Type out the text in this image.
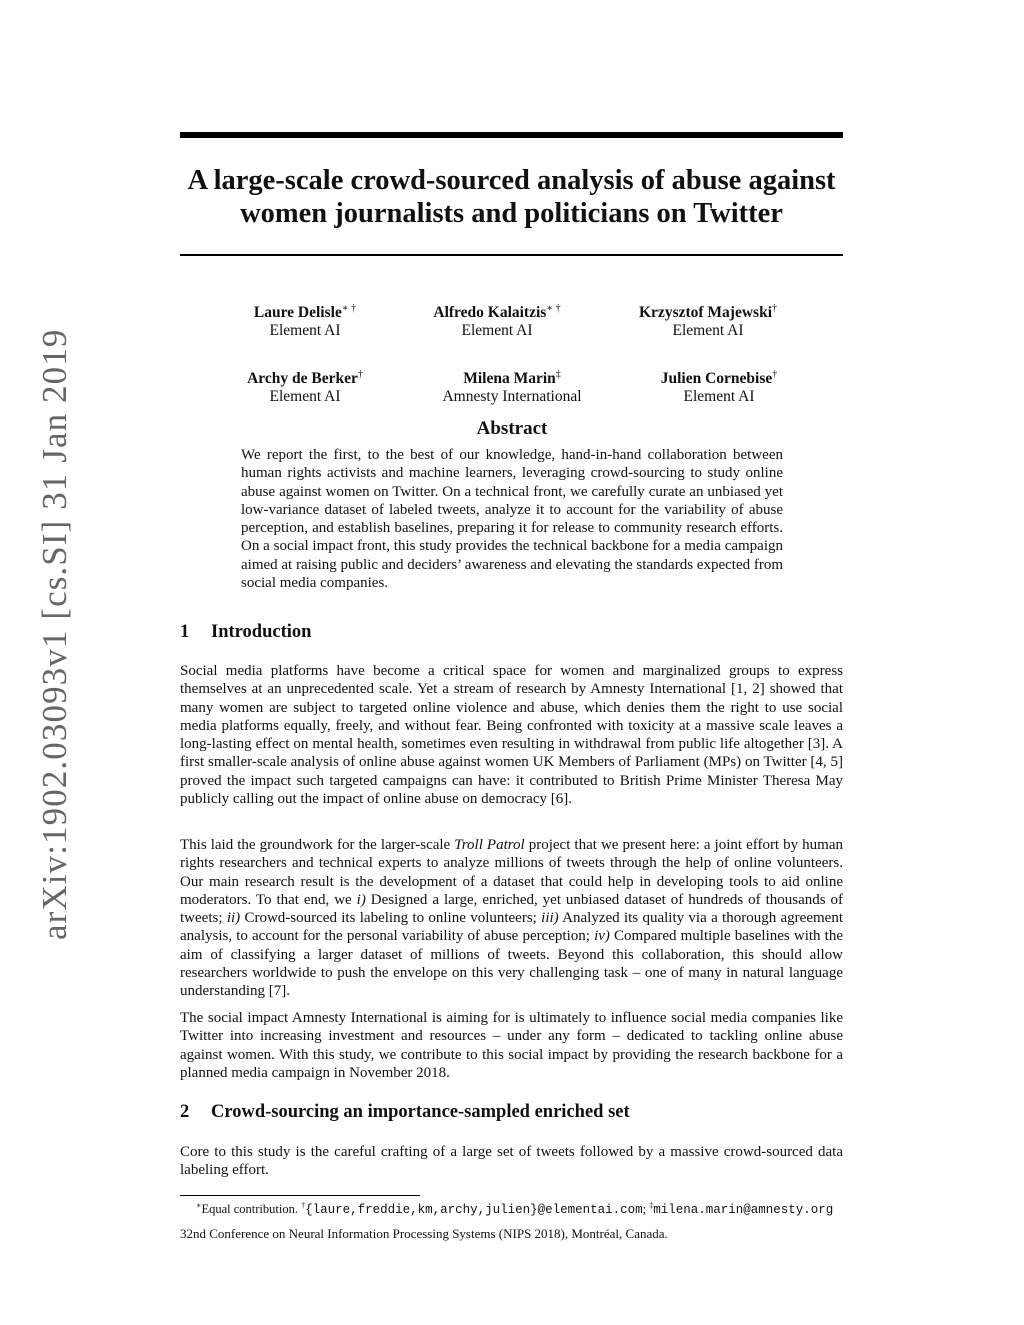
arXiv:1902.03093v1 [cs.SI] 31 Jan 2019
A large-scale crowd-sourced analysis of abuse against women journalists and politicians on Twitter
Laure Delisle∗ †
Element AI
Alfredo Kalaitzis∗ †
Element AI
Krzysztof Majewski†
Element AI
Archy de Berker†
Element AI
Milena Marin‡
Amnesty International
Julien Cornebise†
Element AI
Abstract

We report the first, to the best of our knowledge, hand-in-hand collaboration between human rights activists and machine learners, leveraging crowd-sourcing to study online abuse against women on Twitter. On a technical front, we carefully curate an unbiased yet low-variance dataset of labeled tweets, analyze it to account for the variability of abuse perception, and establish baselines, preparing it for release to community research efforts. On a social impact front, this study provides the technical backbone for a media campaign aimed at raising public and deciders’ awareness and elevating the standards expected from social media companies.

1 Introduction

Social media platforms have become a critical space for women and marginalized groups to express themselves at an unprecedented scale. Yet a stream of research by Amnesty International [1, 2] showed that many women are subject to targeted online violence and abuse, which denies them the right to use social media platforms equally, freely, and without fear. Being confronted with toxicity at a massive scale leaves a long-lasting effect on mental health, sometimes even resulting in withdrawal from public life altogether [3]. A first smaller-scale analysis of online abuse against women UK Members of Parliament (MPs) on Twitter [4, 5] proved the impact such targeted campaigns can have: it contributed to British Prime Minister Theresa May publicly calling out the impact of online abuse on democracy [6].

This laid the groundwork for the larger-scale Troll Patrol project that we present here: a joint effort by human rights researchers and technical experts to analyze millions of tweets through the help of online volunteers. Our main research result is the development of a dataset that could help in developing tools to aid online moderators. To that end, we i) Designed a large, enriched, yet unbiased dataset of hundreds of thousands of tweets; ii) Crowd-sourced its labeling to online volunteers; iii) Analyzed its quality via a thorough agreement analysis, to account for the personal variability of abuse perception; iv) Compared multiple baselines with the aim of classifying a larger dataset of millions of tweets. Beyond this collaboration, this should allow researchers worldwide to push the envelope on this very challenging task – one of many in natural language understanding [7].

The social impact Amnesty International is aiming for is ultimately to influence social media companies like Twitter into increasing investment and resources – under any form – dedicated to tackling online abuse against women. With this study, we contribute to this social impact by providing the research backbone for a planned media campaign in November 2018.

2 Crowd-sourcing an importance-sampled enriched set

Core to this study is the careful crafting of a large set of tweets followed by a massive crowd-sourced data labeling effort.

∗Equal contribution. †{laure,freddie,km,archy,julien}@elementai.com; ‡milena.marin@amnesty.org

32nd Conference on Neural Information Processing Systems (NIPS 2018), Montréal, Canada.
